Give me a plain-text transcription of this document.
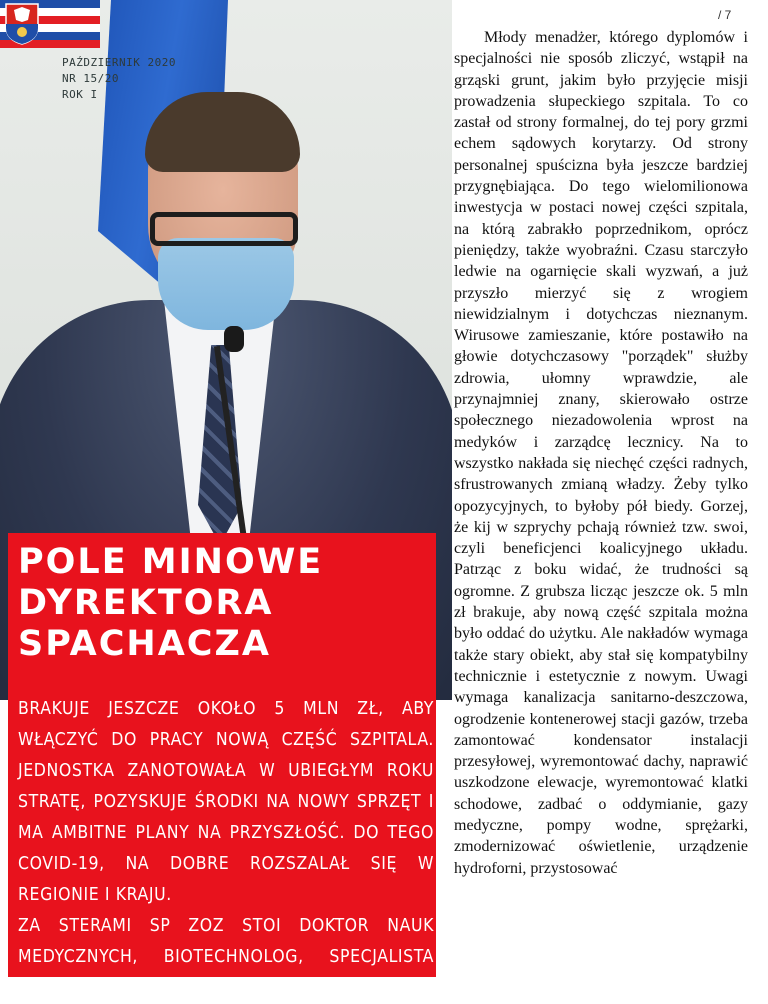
PAŹDZIERNIK 2020
NR 15/20
ROK I
/ 7
POLE MINOWE
DYREKTORA
SPACHACZA

BRAKUJE JESZCZE OKOŁO 5 MLN ZŁ, ABY WŁĄCZYĆ DO PRACY NOWĄ CZĘŚĆ SZPITALA. JEDNOSTKA ZANOTOWAŁA W UBIEGŁYM ROKU STRATĘ, POZYSKUJE ŚRODKI NA NOWY SPRZĘT I MA AMBITNE PLANY NA PRZYSZŁOŚĆ. DO TEGO COVID-19, NA DOBRE ROZSZALAŁ SIĘ W REGIONIE I KRAJU.

ZA STERAMI SP ZOZ STOI DOKTOR NAUK MEDYCZNYCH, BIOTECHNOLOG, SPECJALISTA ZDROWIA PUBLICZNEGO - RAFAŁ SPACHACZ.

Młody menadżer, którego dyplomów i specjalności nie sposób zliczyć, wstąpił na grząski grunt, jakim było przyjęcie misji prowadzenia słupeckiego szpitala. To co zastał od strony formalnej, do tej pory grzmi echem sądowych korytarzy. Od strony personalnej spuścizna była jeszcze bardziej przygnębiająca. Do tego wielomilionowa inwestycja w postaci nowej części szpitala, na którą zabrakło poprzednikom, oprócz pieniędzy, także wyobraźni. Czasu starczyło ledwie na ogarnięcie skali wyzwań, a już przyszło mierzyć się z wrogiem niewidzialnym i dotychczas nieznanym. Wirusowe zamieszanie, które postawiło na głowie dotychczasowy "porządek" służby zdrowia, ułomny wprawdzie, ale przynajmniej znany, skierowało ostrze społecznego niezadowolenia wprost na medyków i zarządcę lecznicy. Na to wszystko nakłada się niechęć części radnych, sfrustrowanych zmianą władzy. Żeby tylko opozycyjnych, to byłoby pół biedy. Gorzej, że kij w szprychy pchają również tzw. swoi, czyli beneficjenci koalicyjnego układu. Patrząc z boku widać, że trudności są ogromne. Z grubsza licząc jeszcze ok. 5 mln zł brakuje, aby nową część szpitala można było oddać do użytku. Ale nakładów wymaga także stary obiekt, aby stał się kompatybilny technicznie i estetycznie z nowym. Uwagi wymaga kanalizacja sanitarno-deszczowa, ogrodzenie kontenerowej stacji gazów, trzeba zamontować kondensator instalacji przesyłowej, wyremontować dachy, naprawić uszkodzone elewacje, wyremontować klatki schodowe, zadbać o oddymianie, gazy medyczne, pompy wodne, sprężarki, zmodernizować oświetlenie, urządzenie hydroforni, przystosować
